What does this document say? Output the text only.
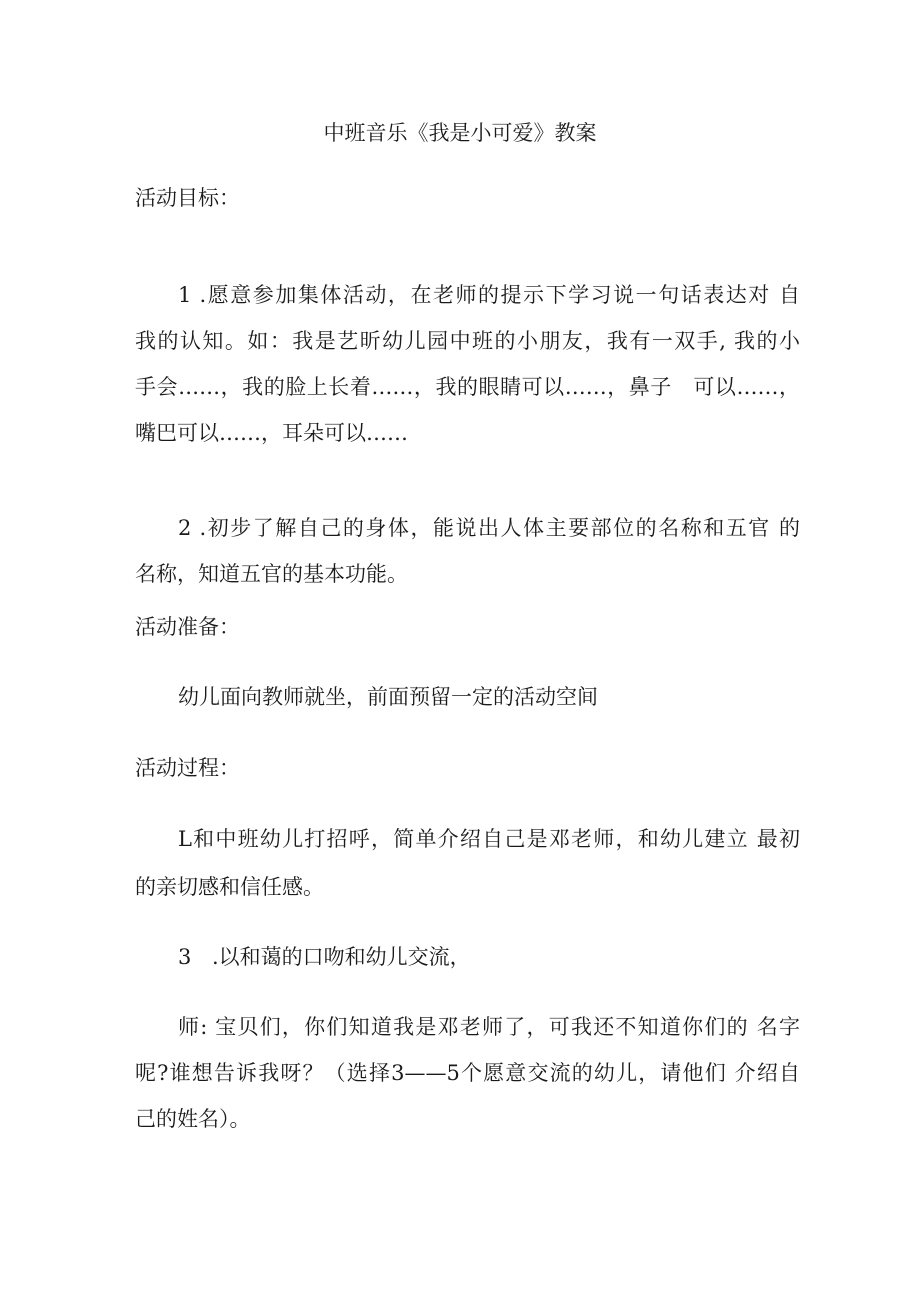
中班音乐《我是小可爱》教案
活动目标：
1 .愿意参加集体活动，在老师的提示下学习说一句话表达对 自
我的认知。如：我是艺昕幼儿园中班的小朋友，我有一双手, 我的小
手会……，我的脸上长着……，我的眼睛可以……，鼻子　可以……，
嘴巴可以……，耳朵可以……
2 .初步了解自己的身体，能说出人体主要部位的名称和五官 的
名称，知道五官的基本功能。
活动准备：
幼儿面向教师就坐，前面预留一定的活动空间
活动过程：
L和中班幼儿打招呼，简单介绍自己是邓老师，和幼儿建立 最初
的亲切感和信任感。
3 .以和蔼的口吻和幼儿交流，
师: 宝贝们，你们知道我是邓老师了，可我还不知道你们的 名字
呢?谁想告诉我呀？（选择3——5个愿意交流的幼儿，请他们 介绍自
己的姓名）。
